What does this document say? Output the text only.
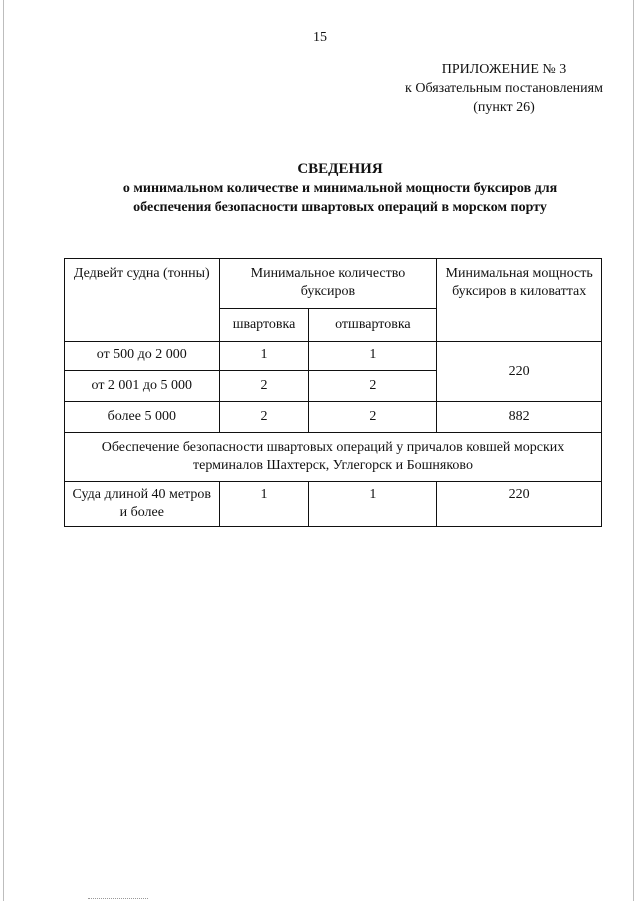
15
ПРИЛОЖЕНИЕ № 3
к Обязательным постановлениям
(пункт 26)
СВЕДЕНИЯ
о минимальном количестве и минимальной мощности буксиров для
обеспечения безопасности швартовых операций в морском порту
Дедвейт судна (тонны)	Минимальное количество буксиров		Минимальная мощность буксиров в киловаттах
	швартовка	отшвартовка	
от 500 до 2 000	1	1	220
от 2 001 до 5 000	2	2	
более 5 000	2	2	882
Обеспечение безопасности швартовых операций у причалов ковшей морских терминалов Шахтерск, Углегорск и Бошняково			
Суда длиной 40 метров и более	1	1	220
